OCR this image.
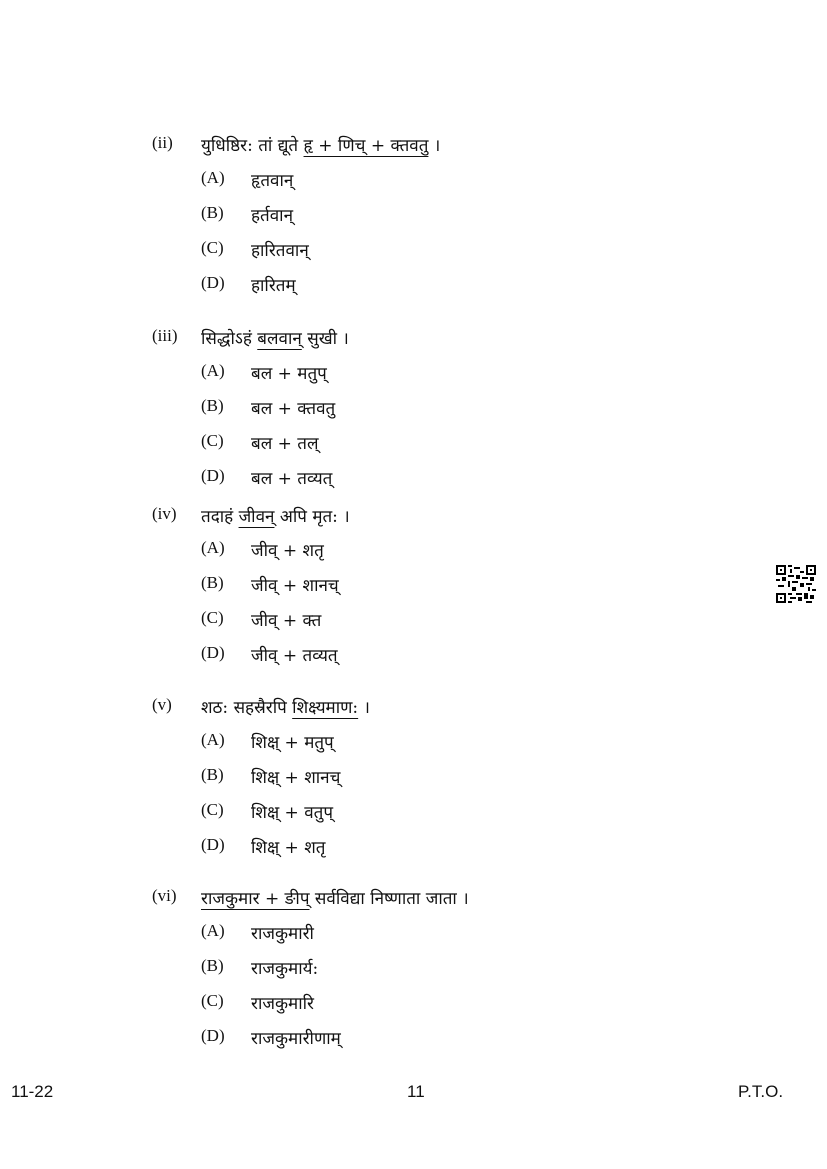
(ii) युधिष्ठिर: तां द्यूते हृ + णिच् + क्तवतु ।
(A) हृतवान्
(B) हर्तवान्
(C) हारितवान्
(D) हारितम्
(iii) सिद्धोऽहं बलवान् सुखी ।
(A) बल + मतुप्
(B) बल + क्तवतु
(C) बल + तल्
(D) बल + तव्यत्
(iv) तदाहं जीवन् अपि मृत: ।
(A) जीव् + शतृ
(B) जीव् + शानच्
(C) जीव् + क्त
(D) जीव् + तव्यत्
(v) शठ: सहस्रैरपि शिक्ष्यमाण: ।
(A) शिक्ष् + मतुप्
(B) शिक्ष् + शानच्
(C) शिक्ष् + वतुप्
(D) शिक्ष् + शतृ
(vi) राजकुमार + ङीप् सर्वविद्या निष्णाता जाता ।
(A) राजकुमारी
(B) राजकुमार्य:
(C) राजकुमारि
(D) राजकुमारीणाम्
11-22	11	P.T.O.
